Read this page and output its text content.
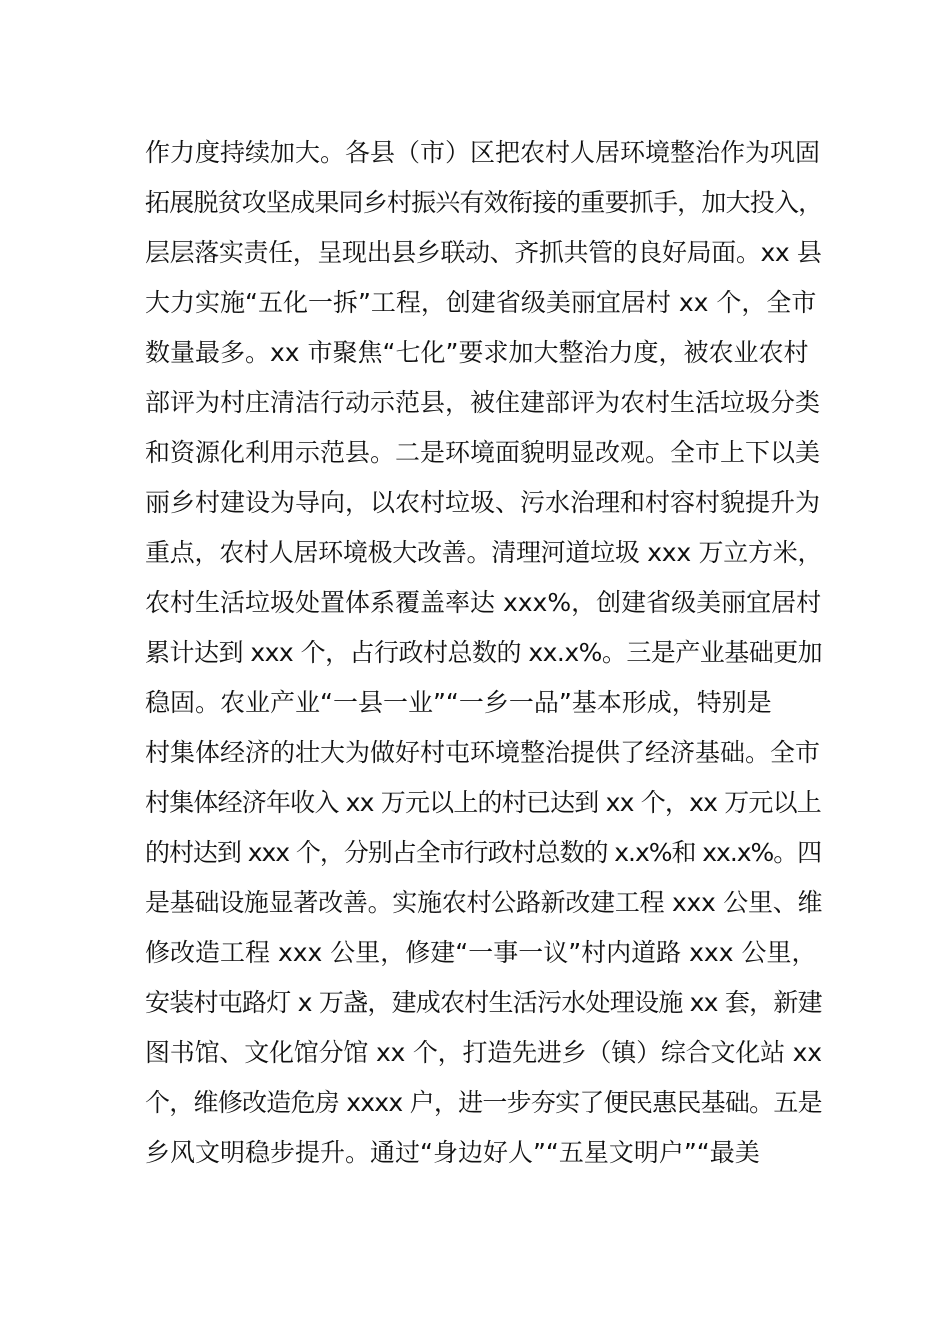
作力度持续加大。各县（市）区把农村人居环境整治作为巩固
拓展脱贫攻坚成果同乡村振兴有效衔接的重要抓手，加大投入，
层层落实责任，呈现出县乡联动、齐抓共管的良好局面。xx 县
大力实施“五化一拆”工程，创建省级美丽宜居村 xx 个，全市
数量最多。xx 市聚焦“七化”要求加大整治力度，被农业农村
部评为村庄清洁行动示范县，被住建部评为农村生活垃圾分类
和资源化利用示范县。二是环境面貌明显改观。全市上下以美
丽乡村建设为导向，以农村垃圾、污水治理和村容村貌提升为
重点，农村人居环境极大改善。清理河道垃圾 xxx 万立方米，
农村生活垃圾处置体系覆盖率达 xxx%，创建省级美丽宜居村
累计达到 xxx 个，占行政村总数的 xx.x%。三是产业基础更加
稳固。农业产业“一县一业”“一乡一品”基本形成，特别是
村集体经济的壮大为做好村屯环境整治提供了经济基础。全市
村集体经济年收入 xx 万元以上的村已达到 xx 个，xx 万元以上
的村达到 xxx 个，分别占全市行政村总数的 x.x%和 xx.x%。四
是基础设施显著改善。实施农村公路新改建工程 xxx 公里、维
修改造工程 xxx 公里，修建“一事一议”村内道路 xxx 公里，
安装村屯路灯 x 万盏，建成农村生活污水处理设施 xx 套，新建
图书馆、文化馆分馆 xx 个，打造先进乡（镇）综合文化站 xx
个，维修改造危房 xxxx 户，进一步夯实了便民惠民基础。五是
乡风文明稳步提升。通过“身边好人”“五星文明户”“最美
